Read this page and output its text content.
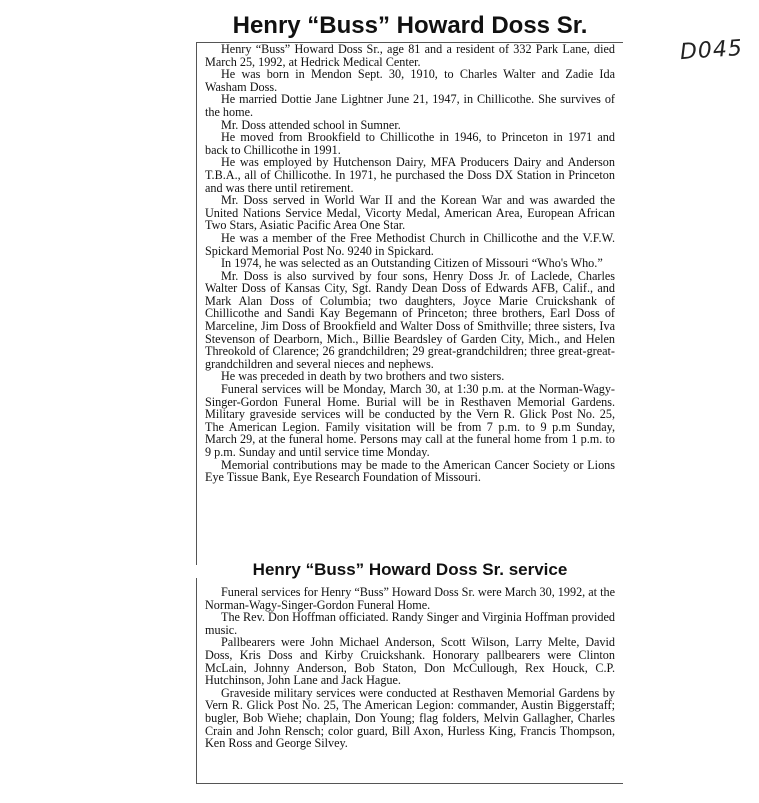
D045
Henry “Buss” Howard Doss Sr.

Henry “Buss” Howard Doss Sr., age 81 and a resident of 332 Park Lane, died March 25, 1992, at Hedrick Medical Center.

He was born in Mendon Sept. 30, 1910, to Charles Walter and Zadie Ida Washam Doss.

He married Dottie Jane Lightner June 21, 1947, in Chillicothe. She survives of the home.

Mr. Doss attended school in Sumner.

He moved from Brookfield to Chillicothe in 1946, to Princeton in 1971 and back to Chillicothe in 1991.

He was employed by Hutchenson Dairy, MFA Producers Dairy and Anderson T.B.A., all of Chillicothe. In 1971, he purchased the Doss DX Station in Princeton and was there until retirement.

Mr. Doss served in World War II and the Korean War and was awarded the United Nations Service Medal, Vicorty Medal, American Area, European African Two Stars, Asiatic Pacific Area One Star.

He was a member of the Free Methodist Church in Chillicothe and the V.F.W. Spickard Memorial Post No. 9240 in Spickard.

In 1974, he was selected as an Outstanding Citizen of Missouri “Who's Who.”

Mr. Doss is also survived by four sons, Henry Doss Jr. of Laclede, Charles Walter Doss of Kansas City, Sgt. Randy Dean Doss of Edwards AFB, Calif., and Mark Alan Doss of Columbia; two daughters, Joyce Marie Cruickshank of Chillicothe and Sandi Kay Begemann of Princeton; three brothers, Earl Doss of Marceline, Jim Doss of Brookfield and Walter Doss of Smithville; three sisters, Iva Stevenson of Dearborn, Mich., Billie Beardsley of Garden City, Mich., and Helen Threokold of Clarence; 26 grandchildren; 29 great-grandchildren; three great-great-grandchildren and several nieces and nephews.

He was preceded in death by two brothers and two sisters.

Funeral services will be Monday, March 30, at 1:30 p.m. at the Norman-Wagy-Singer-Gordon Funeral Home. Burial will be in Resthaven Memorial Gardens. Military graveside services will be conducted by the Vern R. Glick Post No. 25, The American Legion. Family visitation will be from 7 p.m. to 9 p.m Sunday, March 29, at the funeral home. Persons may call at the funeral home from 1 p.m. to 9 p.m. Sunday and until service time Monday.

Memorial contributions may be made to the American Cancer Society or Lions Eye Tissue Bank, Eye Research Foundation of Missouri.

Henry “Buss” Howard Doss Sr. service

Funeral services for Henry “Buss” Howard Doss Sr. were March 30, 1992, at the Norman-Wagy-Singer-Gordon Funeral Home.

The Rev. Don Hoffman officiated. Randy Singer and Virginia Hoffman provided music.

Pallbearers were John Michael Anderson, Scott Wilson, Larry Melte, David Doss, Kris Doss and Kirby Cruickshank. Honorary pallbearers were Clinton McLain, Johnny Anderson, Bob Staton, Don McCullough, Rex Houck, C.P. Hutchinson, John Lane and Jack Hague.

Graveside military services were conducted at Resthaven Memorial Gardens by Vern R. Glick Post No. 25, The American Legion: commander, Austin Biggerstaff; bugler, Bob Wiehe; chaplain, Don Young; flag folders, Melvin Gallagher, Charles Crain and John Rensch; color guard, Bill Axon, Hurless King, Francis Thompson, Ken Ross and George Silvey.
